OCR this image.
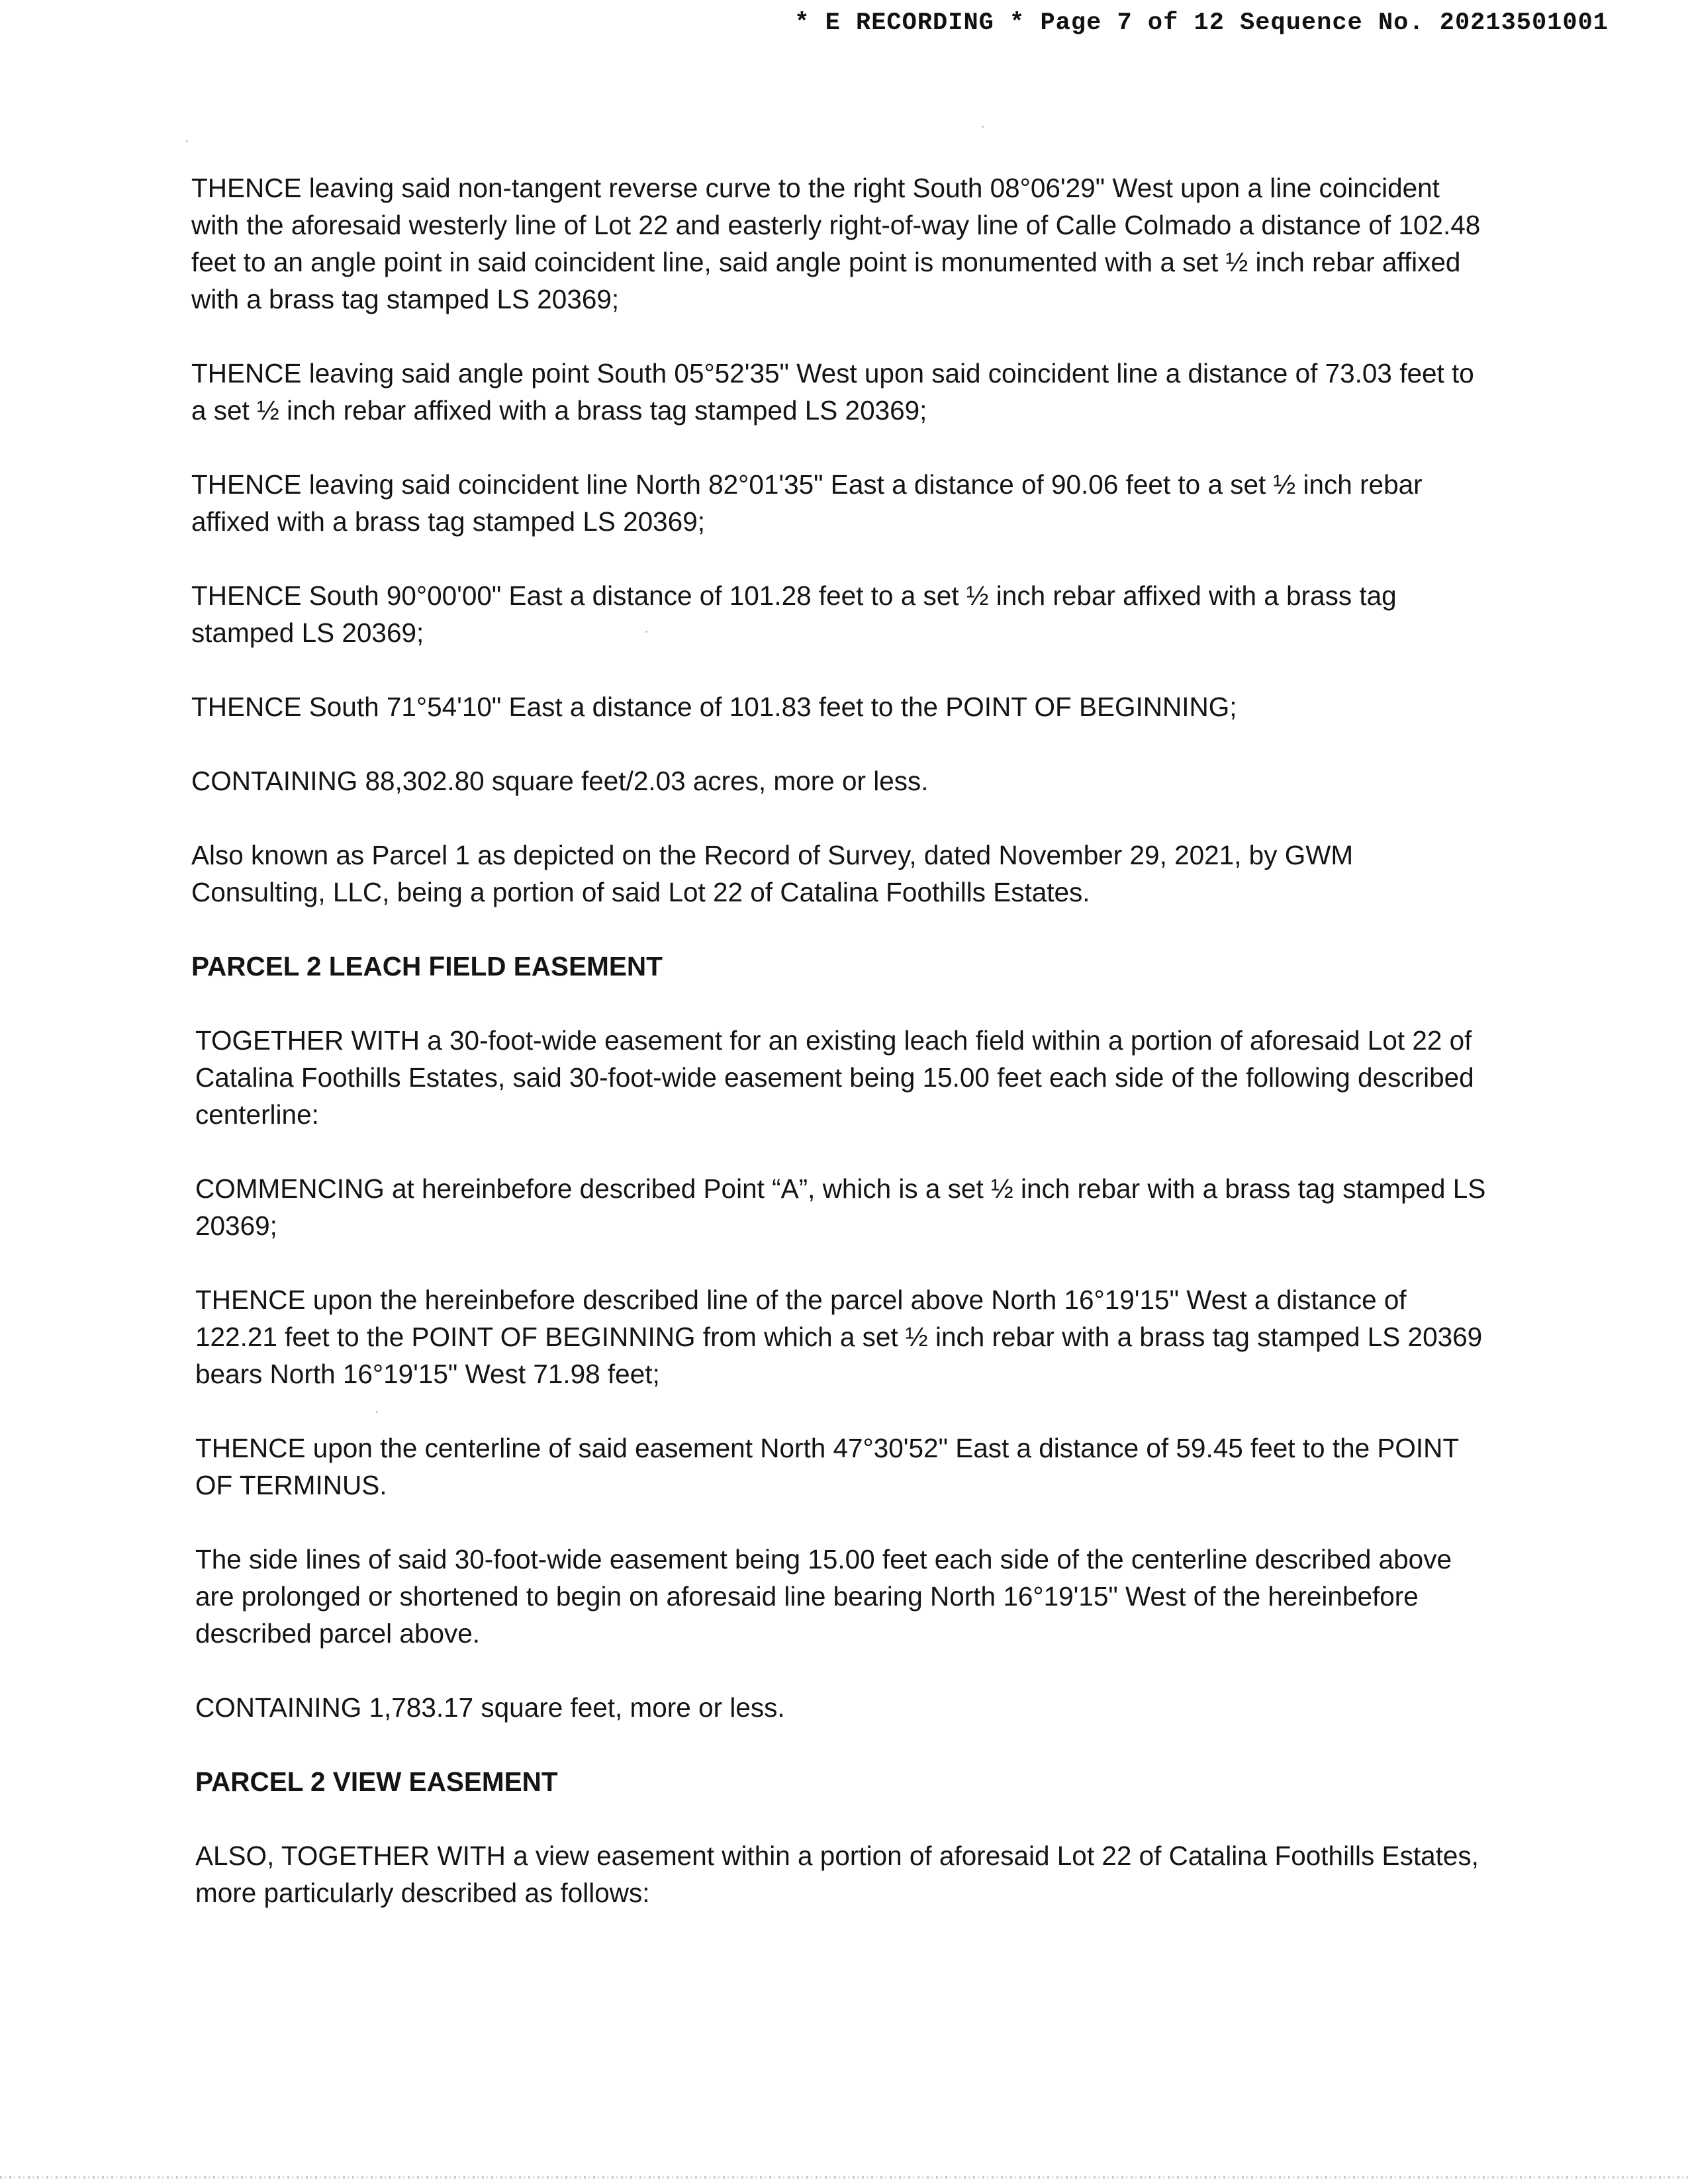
* E RECORDING * Page 7 of 12 Sequence No. 20213501001

THENCE leaving said non-tangent reverse curve to the right South 08°06'29" West upon a line coincident with the aforesaid westerly line of Lot 22 and easterly right-of-way line of Calle Colmado a distance of 102.48 feet to an angle point in said coincident line, said angle point is monumented with a set ½ inch rebar affixed with a brass tag stamped LS 20369;

THENCE leaving said angle point South 05°52'35" West upon said coincident line a distance of 73.03 feet to a set ½ inch rebar affixed with a brass tag stamped LS 20369;

THENCE leaving said coincident line North 82°01'35" East a distance of 90.06 feet to a set ½ inch rebar affixed with a brass tag stamped LS 20369;

THENCE South 90°00'00" East a distance of 101.28 feet to a set ½ inch rebar affixed with a brass tag stamped LS 20369;

THENCE South 71°54'10" East a distance of 101.83 feet to the POINT OF BEGINNING;

CONTAINING 88,302.80 square feet/2.03 acres, more or less.

Also known as Parcel 1 as depicted on the Record of Survey, dated November 29, 2021, by GWM Consulting, LLC, being a portion of said Lot 22 of Catalina Foothills Estates.

PARCEL 2 LEACH FIELD EASEMENT

TOGETHER WITH a 30-foot-wide easement for an existing leach field within a portion of aforesaid Lot 22 of Catalina Foothills Estates, said 30-foot-wide easement being 15.00 feet each side of the following described centerline:

COMMENCING at hereinbefore described Point “A”, which is a set ½ inch rebar with a brass tag stamped LS 20369;

THENCE upon the hereinbefore described line of the parcel above North 16°19'15" West a distance of 122.21 feet to the POINT OF BEGINNING from which a set ½ inch rebar with a brass tag stamped LS 20369 bears North 16°19'15" West 71.98 feet;

THENCE upon the centerline of said easement North 47°30'52" East a distance of 59.45 feet to the POINT OF TERMINUS.

The side lines of said 30-foot-wide easement being 15.00 feet each side of the centerline described above are prolonged or shortened to begin on aforesaid line bearing North 16°19'15" West of the hereinbefore described parcel above.

CONTAINING 1,783.17 square feet, more or less.

PARCEL 2 VIEW EASEMENT

ALSO, TOGETHER WITH a view easement within a portion of aforesaid Lot 22 of Catalina Foothills Estates, more particularly described as follows:
